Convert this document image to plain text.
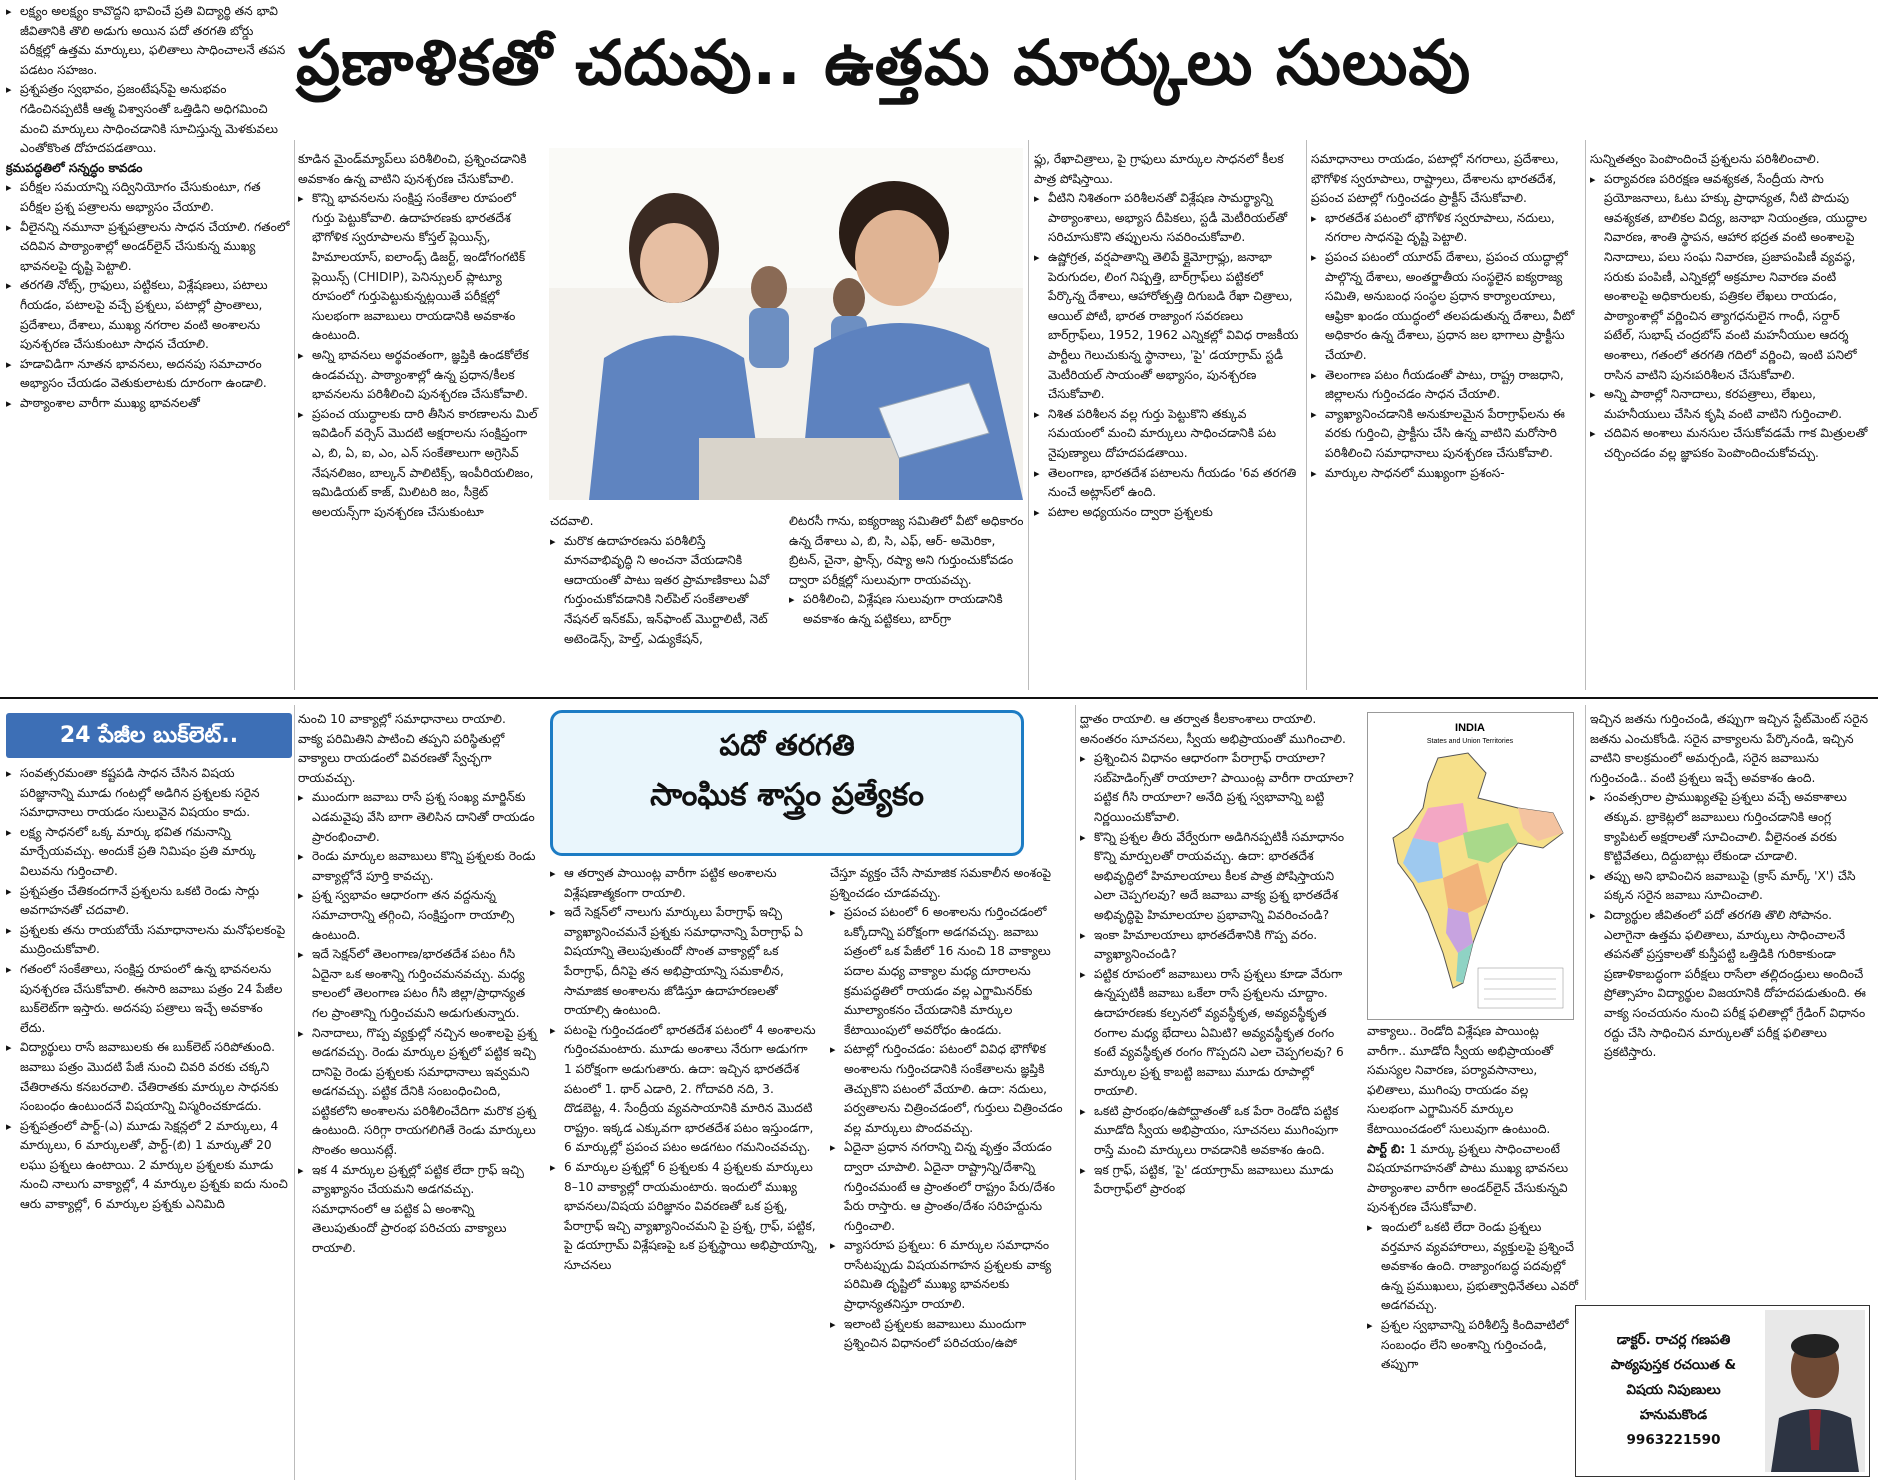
ప్రణాళికతో చదువు.. ఉత్తమ మార్కులు సులువు

▸ లక్ష్యం అలక్ష్యం కావొద్దని భావించే ప్రతి విద్యార్థి తన భావి జీవితానికి తొలి అడుగు అయిన పదో తరగతి బోర్డు పరీక్షల్లో ఉత్తమ మార్కులు, ఫలితాలు సాధించాలనే తపన పడటం సహజం.

▸ ప్రశ్నపత్రం స్వభావం, ప్రజంటేషన్‌పై అనుభవం గడించినప్పటికీ ఆత్మ విశ్వాసంతో ఒత్తిడిని అధిగమించి మంచి మార్కులు సాధించడానికి సూచిస్తున్న మెళకువలు ఎంతోకొంత దోహదపడతాయి.

క్రమపద్ధతిలో సన్నద్ధం కావడం

▸ పరీక్షల సమయాన్ని సద్వినియోగం చేసుకుంటూ, గత పరీక్షల ప్రశ్న పత్రాలను అభ్యాసం చేయాలి.

▸ వీలైనన్ని నమూనా ప్రశ్నపత్రాలను సాధన చేయాలి. గతంలో చదివిన పాఠ్యాంశాల్లో అండర్‌లైన్ చేసుకున్న ముఖ్య భావనలపై దృష్టి పెట్టాలి.

▸ తరగతి నోట్స్, గ్రాఫులు, పట్టికలు, విశ్లేషణలు, పటాలు గీయడం, పటాలపై వచ్చే ప్రశ్నలు, పటాల్లో ప్రాంతాలు, ప్రదేశాలు, దేశాలు, ముఖ్య నగరాల వంటి అంశాలను పునశ్చరణ చేసుకుంటూ సాధన చేయాలి.

▸ హడావిడిగా నూతన భావనలు, అదనపు సమాచారం అభ్యాసం చేయడం వెతుకులాటకు దూరంగా ఉండాలి.

▸ పాఠ్యాంశాల వారీగా ముఖ్య భావనలతో

కూడిన మైండ్‌మ్యాప్‌లు పరిశీలించి, ప్రశ్నించడానికి అవకాశం ఉన్న వాటిని పునశ్చరణ చేసుకోవాలి.

▸ కొన్ని భావనలను సంక్షిప్త సంకేతాల రూపంలో గుర్తు పెట్టుకోవాలి. ఉదాహరణకు భారతదేశ భౌగోళిక స్వరూపాలను కోస్తల్ ప్లెయిన్స్, హిమాలయాస్, ఐలాండ్స్ డిజర్ట్, ఇండోగంగటిక్ ప్లెయిన్స్ (CHIDIP), పెనిన్సులర్ ప్లాట్యూ రూపంలో గుర్తుపెట్టుకున్నట్లయితే పరీక్షల్లో సులభంగా జవాబులు రాయడానికి అవకాశం ఉంటుంది.

▸ అన్ని భావనలు అర్థవంతంగా, జ్ఞప్తికి ఉండకోలేక ఉండవచ్చు. పాఠ్యాంశాల్లో ఉన్న ప్రధాన/కీలక భావనలను పరిశీలించి పునశ్చరణ చేసుకోవాలి.

▸ ప్రపంచ యుద్ధాలకు దారి తీసిన కారణాలను మిల్ ఇవిడింగ్ వర్సెస్‌ మొదటి అక్షరాలను సంక్షిప్తంగా ఎ, బి, ఏ, ఐ, ఎం, ఎన్ సంకేతాలుగా అగ్రెసివ్ నేషనలిజం, బాల్కన్ పాలిటిక్స్, ఇంపీరియలిజం, ఇమిడియట్ కాజ్, మిలిటరి జం, సీక్రెట్ అలయన్స్‌గా పునశ్చరణ చేసుకుంటూ

చదవాలి.

▸ మరొక ఉదాహరణను పరిశీలిస్తే మానవాభివృద్ధి ని అంచనా వేయడానికి ఆదాయంతో పాటు ఇతర ప్రామాణికాలు ఏవో గుర్తుంచుకోవడానికి నిల్‌పిల్ సంకేతాలతో నేషనల్ ఇన్‌కమ్, ఇన్‌ఫాంట్ మొర్టాలిటీ, నెట్ అటెండెన్స్, హెల్త్, ఎడ్యుకేషన్,

లిటరసీ గాను, ఐక్యరాజ్య సమితిలో వీటో అధికారం ఉన్న దేశాలు ఎ, బి, సి, ఎఫ్, ఆర్- అమెరికా, బ్రిటన్, చైనా, ఫ్రాన్స్, రష్యా అని గుర్తుంచుకోవడం ద్వారా పరీక్షల్లో సులువుగా రాయవచ్చు.

▸ పరిశీలించి, విశ్లేషణ సులువుగా రాయడానికి అవకాశం ఉన్న పట్టికలు, బార్‌గ్రా

ఫ్లు, రేఖాచిత్రాలు, పై గ్రాఫులు మార్కుల సాధనలో కీలక పాత్ర పోషిస్తాయి.

▸ వీటిని నిశితంగా పరిశీలనతో విశ్లేషణ సామర్థ్యాన్ని పాఠ్యాంశాలు, అభ్యాస దీపికలు, స్టడీ మెటీరియల్‌తో సరిచూసుకొని తప్పులను సవరించుకోవాలి.

▸ ఉష్ణోగ్రత, వర్షపాతాన్ని తెలిపే క్లైమోగ్రాఫ్లు, జనాభా పెరుగుదల, లింగ నిష్పత్తి, బార్‌గ్రాఫ్‌లు పట్టికలో పేర్కొన్న దేశాలు, ఆహారోత్పత్తి దిగుబడి రేఖా చిత్రాలు, ఆయిల్ పోటీ, భారత రాజ్యాంగ సవరణలు బార్‌గ్రాఫ్‌లు, 1952, 1962 ఎన్నికల్లో వివిధ రాజకీయ పార్టీలు గెలుచుకున్న స్థానాలు, 'పై' డయాగ్రామ్ స్టడీ మెటీరియల్ సాయంతో అభ్యాసం, పునశ్చరణ చేసుకోవాలి.

▸ నిశిత పరిశీలన వల్ల గుర్తు పెట్టుకొని తక్కువ సమయంలో మంచి మార్కులు సాధించడానికి పట నైపుణ్యాలు దోహదపడతాయి.

▸ తెలంగాణ, భారతదేశ పటాలను గీయడం '6వ తరగతి నుంచే అట్లాస్‌లో ఉంది.

▸ పటాల అధ్యయనం ద్వారా ప్రశ్నలకు

సమాధానాలు రాయడం, పటాల్లో నగరాలు, ప్రదేశాలు, భౌగోళిక స్వరూపాలు, రాష్ట్రాలు, దేశాలను భారతదేశ, ప్రపంచ పటాల్లో గుర్తించడం ప్రాక్టీస్ చేసుకోవాలి.

▸ భారతదేశ పటంలో భౌగోళిక స్వరూపాలు, నదులు, నగరాల సాధనపై దృష్టి పెట్టాలి.

▸ ప్రపంచ పటంలో యూరప్ దేశాలు, ప్రపంచ యుద్ధాల్లో పాల్గొన్న దేశాలు, అంతర్జాతీయ సంస్థలైన ఐక్యరాజ్య సమితి, అనుబంధ సంస్థల ప్రధాన కార్యాలయాలు, ఆఫ్రికా ఖండం యుద్ధంలో తలపడుతున్న దేశాలు, వీటో అధికారం ఉన్న దేశాలు, ప్రధాన జల భాగాలు ప్రాక్టీసు చేయాలి.

▸ తెలంగాణ పటం గీయడంతో పాటు, రాష్ట్ర రాజధాని, జిల్లాలను గుర్తించడం సాధన చేయాలి.

▸ వ్యాఖ్యానించడానికి అనుకూలమైన పేరాగ్రాఫ్‌లను ఈ వరకు గుర్తించి, ప్రాక్టీసు చేసి ఉన్న వాటిని మరోసారి పరిశీలించి సమాధానాలు పునశ్చరణ చేసుకోవాలి.

▸ మార్కుల సాధనలో ముఖ్యంగా ప్రశంస-

సున్నితత్వం పెంపొందించే ప్రశ్నలను పరిశీలించాలి.

▸ పర్యావరణ పరిరక్షణ ఆవశ్యకత, సేంద్రీయ సాగు ప్రయోజనాలు, ఓటు హక్కు ప్రాధాన్యత, నీటి పొదుపు ఆవశ్యకత, బాలికల విద్య, జనాభా నియంత్రణ, యుద్ధాల నివారణ, శాంతి స్థాపన, ఆహార భద్రత వంటి అంశాలపై నినాదాలు, పలు సంఘ నివారణ, ప్రజాపంపిణీ వ్యవస్థ, సరుకు పంపిణీ, ఎన్నికల్లో అక్రమాల నివారణ వంటి అంశాలపై అధికారులకు, పత్రికల లేఖలు రాయడం, పాఠ్యాంశాల్లో వర్ణించిన త్యాగధనులైన గాంధీ, సర్దార్ పటేల్, సుభాష్ చంద్రబోస్ వంటి మహనీయుల ఆదర్శ అంశాలు, గతంలో తరగతి గదిలో వర్ణించి, ఇంటి పనిలో రాసిన వాటిని పునఃపరిశీలన చేసుకోవాలి.

▸ అన్ని పాఠాల్లో నినాదాలు, కరపత్రాలు, లేఖలు, మహనీయులు చేసిన కృషి వంటి వాటిని గుర్తించాలి.

▸ చదివిన అంశాలు మనసుల చేసుకోవడమే గాక మిత్రులతో చర్చించడం వల్ల జ్ఞాపకం పెంపొందించుకోవచ్చు.

24 పేజీల బుక్‌లెట్..

▸ సంవత్సరమంతా కష్టపడి సాధన చేసిన విషయ పరిజ్ఞానాన్ని మూడు గంటల్లో అడిగిన ప్రశ్నలకు సరైన సమాధానాలు రాయడం సులువైన విషయం కాదు.

▸ లక్ష్య సాధనలో ఒక్క మార్కు భవిత గమనాన్ని మార్చేయవచ్చు. అందుకే ప్రతి నిమిషం ప్రతి మార్కు విలువను గుర్తించాలి.

▸ ప్రశ్నపత్రం చేతికందగానే ప్రశ్నలను ఒకటి రెండు సార్లు అవగాహనతో చదవాలి.

▸ ప్రశ్నలకు తను రాయబోయే సమాధానాలను మనోఫలకంపై ముద్రించుకోవాలి.

▸ గతంలో సంకేతాలు, సంక్షిప్త రూపంలో ఉన్న భావనలను పునశ్చరణ చేసుకోవాలి. ఈసారి జవాబు పత్రం 24 పేజీల బుక్‌లెట్‌గా ఇస్తారు. అదనపు పత్రాలు ఇచ్చే అవకాశం లేదు.

▸ విద్యార్థులు రాసే జవాబులకు ఈ బుక్‌లెట్ సరిపోతుంది. జవాబు పత్రం మొదటి పేజీ నుంచి చివరి వరకు చక్కని చేతిరాతను కనబరచాలి. చేతిరాతకు మార్కుల సాధనకు సంబంధం ఉంటుందనే విషయాన్ని విస్మరించకూడదు.

▸ ప్రశ్నపత్రంలో పార్ట్-(ఎ) మూడు సెక్షన్లలో 2 మార్కులు, 4 మార్కులు, 6 మార్కులతో, పార్ట్-(బి) 1 మార్కుతో 20 లఘు ప్రశ్నలు ఉంటాయి. 2 మార్కుల ప్రశ్నలకు మూడు నుంచి నాలుగు వాక్యాల్లో, 4 మార్కుల ప్రశ్నకు ఐదు నుంచి ఆరు వాక్యాల్లో, 6 మార్కుల ప్రశ్నకు ఎనిమిది

నుంచి 10 వాక్యాల్లో సమాధానాలు రాయాలి.

వాక్య పరిమితిని పాటించి తప్పని పరిస్థితుల్లో వాక్యాలు రాయడంలో వివరణతో స్వేచ్ఛగా రాయవచ్చు.

▸ ముందుగా జవాబు రాసే ప్రశ్న సంఖ్య మార్జిన్‌కు ఎడమవైపు వేసి బాగా తెలిసిన దానితో రాయడం ప్రారంభించాలి.

▸ రెండు మార్కుల జవాబులు కొన్ని ప్రశ్నలకు రెండు వాక్యాల్లోనే పూర్తి కావచ్చు.

▸ ప్రశ్న స్వభావం ఆధారంగా తన వద్దనున్న సమాచారాన్ని తగ్గించి, సంక్షిప్తంగా రాయాల్సి ఉంటుంది.

▸ ఇదే సెక్షన్‌లో తెలంగాణ/భారతదేశ పటం గీసి ఏదైనా ఒక అంశాన్ని గుర్తించమనవచ్చు. మధ్య కాలంలో తెలంగాణ పటం గీసి జిల్లా/ప్రాధాన్యత గల ప్రాంతాన్ని గుర్తించమని అడుగుతున్నారు.

▸ నినాదాలు, గొప్ప వ్యక్తుల్లో నచ్చిన అంశాలపై ప్రశ్న అడగవచ్చు. రెండు మార్కుల ప్రశ్నలో పట్టిక ఇచ్చి దానిపై రెండు ప్రశ్నలకు సమాధానాలు ఇవ్వమని అడగవచ్చు. పట్టిక దేనికి సంబంధించింది, పట్టికలోని అంశాలను పరిశీలించేదిగా మరొక ప్రశ్న ఉంటుంది. సరిగ్గా రాయగలిగితే రెండు మార్కులు సొంతం అయినట్లే.

▸ ఇక 4 మార్కుల ప్రశ్నల్లో పట్టిక లేదా గ్రాఫ్ ఇచ్చి వ్యాఖ్యానం చేయమని అడగవచ్చు. సమాధానంలో ఆ పట్టిక ఏ అంశాన్ని తెలుపుతుందో ప్రారంభ పరిచయ వాక్యాలు రాయాలి.

పదో తరగతి
సాంఘిక శాస్త్రం ప్రత్యేకం

▸ ఆ తర్వాత పాయింట్ల వారీగా పట్టిక అంశాలను విశ్లేషణాత్మకంగా రాయాలి.

▸ ఇదే సెక్షన్‌లో నాలుగు మార్కులు పేరాగ్రాఫ్ ఇచ్చి వ్యాఖ్యానించమనే ప్రశ్నకు సమాధానాన్ని పేరాగ్రాఫ్ ఏ విషయాన్ని తెలుపుతుందో సొంత వాక్యాల్లో ఒక పేరాగ్రాఫ్, దీనిపై తన అభిప్రాయాన్ని సమకాలీన, సామాజిక అంశాలను జోడిస్తూ ఉదాహరణలతో రాయాల్సి ఉంటుంది.

▸ పటంపై గుర్తించడంలో భారతదేశ పటంలో 4 అంశాలను గుర్తించమంటారు. మూడు అంశాలు నేరుగా అడుగగా 1 పరోక్షంగా అడుగుతారు. ఉదా: ఇచ్చిన భారతదేశ పటంలో 1. థార్ ఎడారి, 2. గోదావరి నది, 3. దొడబెట్ట, 4. సేంద్రీయ వ్యవసాయానికి మారిన మొదటి రాష్ట్రం. ఇక్కడ ఎక్కువగా భారతదేశ పటం ఇస్తుండగా, 6 మార్కుల్లో ప్రపంచ పటం అడగటం గమనించవచ్చు.

▸ 6 మార్కుల ప్రశ్నల్లో 6 ప్రశ్నలకు 4 ప్రశ్నలకు మార్కులు 8–10 వాక్యాల్లో రాయమంటారు. ఇందులో ముఖ్య భావనలు/విషయ పరిజ్ఞానం వివరణతో ఒక ప్రశ్న, పేరాగ్రాఫ్ ఇచ్చి వ్యాఖ్యానించమని పై ప్రశ్న, గ్రాఫ్, పట్టిక, పై డయాగ్రామ్ విశ్లేషణపై ఒక ప్రశ్నస్థాయి అభిప్రాయాన్ని, సూచనలు

చేస్తూ వ్యక్తం చేసే సామాజిక సమకాలీన అంశంపై ప్రశ్నించడం చూడవచ్చు.

▸ ప్రపంచ పటంలో 6 అంశాలను గుర్తించడంలో ఒక్కోదాన్ని పరోక్షంగా అడగవచ్చు. జవాబు పత్రంలో ఒక పేజీలో 16 నుంచి 18 వాక్యాలు పదాల మధ్య వాక్యాల మధ్య దూరాలను క్రమపద్ధతిలో రాయడం వల్ల ఎగ్జామినర్‌కు మూల్యాంకనం చేయడానికి మార్కుల కేటాయింపులో అవరోధం ఉండదు.

▸ పటాల్లో గుర్తించడం: పటంలో వివిధ భౌగోళిక అంశాలను గుర్తించడానికి సంకేతాలను జ్ఞప్తికి తెచ్చుకొని పటంలో వేయాలి. ఉదా: నదులు, పర్వతాలను చిత్రించడంలో, గుర్తులు చిత్రించడం వల్ల మార్కులు పొందవచ్చు.

▸ ఏదైనా ప్రధాన నగరాన్ని చిన్న వృత్తం వేయడం ద్వారా చూపాలి. ఏదైనా రాష్ట్రాన్ని/దేశాన్ని గుర్తించమంటే ఆ ప్రాంతంలో రాష్ట్రం పేరు/దేశం పేరు రాస్తారు. ఆ ప్రాంతం/దేశం సరిహద్దును గుర్తించాలి.

▸ వ్యాసరూప ప్రశ్నలు: 6 మార్కుల సమాధానం రాసేటప్పుడు విషయవగాహన ప్రశ్నలకు వాక్య పరిమితి దృష్టిలో ముఖ్య భావనలకు ప్రాధాన్యతనిస్తూ రాయాలి.

▸ ఇలాంటి ప్రశ్నలకు జవాబులు ముందుగా ప్రశ్నించిన విధానంలో పరిచయం/ఉపో

ద్ఘాతం రాయాలి. ఆ తర్వాత కీలకాంశాలు రాయాలి. అనంతరం సూచనలు, స్వీయ అభిప్రాయంతో ముగించాలి.

▸ ప్రశ్నించిన విధానం ఆధారంగా పేరాగ్రాఫ్ రాయాలా? సబ్‌హెడింగ్స్‌తో రాయాలా? పాయింట్ల వారీగా రాయాలా? పట్టిక గీసి రాయాలా? అనేది ప్రశ్న స్వభావాన్ని బట్టి నిర్ణయించుకోవాలి.

▸ కొన్ని ప్రశ్నల తీరు వేర్వేరుగా అడిగినప్పటికీ సమాధానం కొన్ని మార్పులతో రాయవచ్చు. ఉదా: భారతదేశ అభివృద్ధిలో హిమాలయాలు కీలక పాత్ర పోషిస్తాయని ఎలా చెప్పగలవు? అదే జవాబు వాక్య ప్రశ్న భారతదేశ అభివృద్ధిపై హిమాలయాల ప్రభావాన్ని వివరించండి?

▸ ఇంకా హిమాలయాలు భారతదేశానికి గొప్ప వరం. వ్యాఖ్యానించండి?

▸ పట్టిక రూపంలో జవాబులు రాసే ప్రశ్నలు కూడా వేరుగా ఉన్నప్పటికీ జవాబు ఒకేలా రాసే ప్రశ్నలను చూద్దాం. ఉదాహరణకు కల్పనలో వ్యవస్థీకృత, అవ్యవస్థీకృత రంగాల మధ్య భేదాలు ఏమిటి? అవ్యవస్థీకృత రంగం కంటే వ్యవస్థీకృత రంగం గొప్పదని ఎలా చెప్పగలవు? 6 మార్కుల ప్రశ్న కాబట్టి జవాబు మూడు రూపాల్లో రాయాలి.

▸ ఒకటి ప్రారంభం/ఉపోద్ఘాతంతో ఒక పేరా రెండోది పట్టిక మూడోది స్వీయ అభిప్రాయం, సూచనలు ముగింపుగా రాస్తే మంచి మార్కులు రావడానికి అవకాశం ఉంది.

▸ ఇక గ్రాఫ్, పట్టిక, 'పై' డయాగ్రామ్ జవాబులు మూడు పేరాగ్రాఫ్‌లో ప్రారంభ

INDIA
States and Union Territories

వాక్యాలు.. రెండోది విశ్లేషణ పాయింట్ల వారీగా.. మూడోది స్వీయ అభిప్రాయంతో సమస్యల నివారణ, పర్యావసానాలు, ఫలితాలు, ముగింపు రాయడం వల్ల సులభంగా ఎగ్జామినర్ మార్కుల కేటాయించడంలో సులువుగా ఉంటుంది.

పార్ట్ బి: 1 మార్కు ప్రశ్నలు సాధించాలంటే విషయావగాహనతో పాటు ముఖ్య భావనలు పాఠ్యాంశాల వారీగా అండర్‌లైన్ చేసుకున్నవి పునశ్చరణ చేసుకోవాలి.

▸ ఇందులో ఒకటి లేదా రెండు ప్రశ్నలు వర్తమాన వ్యవహారాలు, వ్యక్తులపై ప్రశ్నించే అవకాశం ఉంది. రాజ్యాంగబద్ధ పదవుల్లో ఉన్న ప్రముఖులు, ప్రభుత్వాధినేతలు ఎవరో అడగవచ్చు.

▸ ప్రశ్నల స్వభావాన్ని పరిశీలిస్తే కిందివాటిలో సంబంధం లేని అంశాన్ని గుర్తించండి, తప్పుగా

ఇచ్చిన జతను గుర్తించండి, తప్పుగా ఇచ్చిన స్టేట్‌మెంట్ సరైన జతను ఎంచుకోండి. సరైన వాక్యాలను పేర్కొనండి, ఇచ్చిన వాటిని కాలక్రమంలో అమర్చండి, సరైన జవాబును గుర్తించండి.. వంటి ప్రశ్నలు ఇచ్చే అవకాశం ఉంది.

▸ సంవత్సరాల ప్రాముఖ్యతపై ప్రశ్నలు వచ్చే అవకాశాలు తక్కువ. బ్రాకెట్లలో జవాబులు గుర్తించడానికి ఆంగ్ల క్యాపిటల్ అక్షరాలతో సూచించాలి. వీలైనంత వరకు కొట్టివేతలు, దిద్దుబాట్లు లేకుండా చూడాలి.

▸ తప్పు అని భావించిన జవాబుపై (క్రాస్ మార్క్ 'X') చేసి పక్కన సరైన జవాబు సూచించాలి.

▸ విద్యార్థుల జీవితంలో పదో తరగతి తొలి సోపానం. ఎలాగైనా ఉత్తమ ఫలితాలు, మార్కులు సాధించాలనే తపనతో ప్రస్తకాలతో కుస్తీపట్టి ఒత్తిడికి గురికాకుండా ప్రణాళికాబద్ధంగా పరీక్షలు రాసేలా తల్లిదండ్రులు అందించే ప్రోత్సాహం విద్యార్థుల విజయానికి దోహదపడుతుంది. ఈ వాక్య సంచయనం నుంచి పరీక్ష ఫలితాల్లో గ్రేడింగ్ విధానం రద్దు చేసి సాధించిన మార్కులతో పరీక్ష ఫలితాలు ప్రకటిస్తారు.

డాక్టర్. రాచర్ల గణపతి
పాఠ్యపుస్తక రచయిత &
విషయ నిపుణులు
హనుమకొండ
9963221590
